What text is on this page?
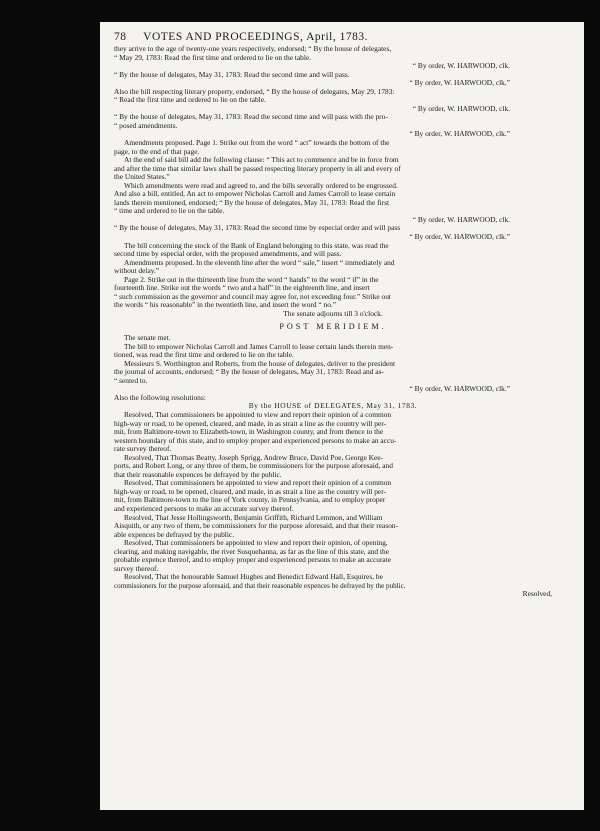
78 VOTES AND PROCEEDINGS, April, 1783.
they arrive to the age of twenty-one years respectively, endorsed; “ By the house of delegates,
“ May 29, 1783: Read the first time and ordered to lie on the table.
“ By order, W. HARWOOD, clk.
“ By the house of delegates, May 31, 1783: Read the second time and will pass.
“ By order, W. HARWOOD, clk.”
Also the bill respecting literary property, endorsed, “ By the house of delegates, May 29, 1783:
“ Read the first time and ordered to lie on the table.
“ By order, W. HARWOOD, clk.
“ By the house of delegates, May 31, 1783: Read the second time and will pass with the pro-
“ posed amendments.
“ By order, W. HARWOOD, clk.”
Amendments proposed. Page 1. Strike out from the word “ act” towards the bottom of the
page, to the end of that page.
At the end of said bill add the following clause: “ This act to commence and be in force from
and after the time that similar laws shall be passed respecting literary property in all and every of
the United States.”
Which amendments were read and agreed to, and the bills severally ordered to be engrossed.
And also a bill, entitled, An act to empower Nicholas Carroll and James Carroll to lease certain
lands therein mentioned, endorsed; “ By the house of delegates, May 31, 1783: Read the first
“ time and ordered to lie on the table.
“ By order, W. HARWOOD, clk.
“ By the house of delegates, May 31, 1783: Read the second time by especial order and will pass
“ By order, W. HARWOOD, clk.”
The bill concerning the stock of the Bank of England belonging to this state, was read the
second time by especial order, with the proposed amendments, and will pass.
Amendments proposed. In the eleventh line after the word “ sale,” insert “ immediately and
without delay.”
Page 2. Strike out in the thirteenth line from the word “ hands” to the word “ if” in the
fourteenth line. Strike out the words “ two and a half” in the eighteenth line, and insert
“ such commission as the governor and council may agree for, not exceeding four.” Strike out
the words “ his reasonable” in the twentieth line, and insert the word “ no.”
The senate adjourns till 3 o'clock.
POST MERIDIEM.
The senate met.
The bill to empower Nicholas Carroll and James Carroll to lease certain lands therein men-
tioned, was read the first time and ordered to lie on the table.
Messieurs S. Worthington and Roberts, from the house of delegates, deliver to the president
the journal of accounts, endorsed; “ By the house of delegates, May 31, 1783: Read and as-
“ sented to.
“ By order, W. HARWOOD, clk.”
Also the following resolutions:
By the HOUSE of DELEGATES, May 31, 1783.
Resolved, That commissioners be appointed to view and report their opinion of a common
high-way or road, to be opened, cleared, and made, in as strait a line as the country will per-
mit, from Baltimore-town to Elizabeth-town, in Washington county, and from thence to the
western boundary of this state, and to employ proper and experienced persons to make an accu-
rate survey thereof.
Resolved, That Thomas Beatty, Joseph Sprigg, Andrew Bruce, David Poe, George Kee-
ports, and Robert Long, or any three of them, be commissioners for the purpose aforesaid, and
that their reasonable expences be defrayed by the public.
Resolved, That commissioners be appointed to view and report their opinion of a common
high-way or road, to be opened, cleared, and made, in as strait a line as the country will per-
mit, from Baltimore-town to the line of York county, in Pennsylvania, and to employ proper
and experienced persons to make an accurate survey thereof.
Resolved, That Jesse Hollingsworth, Benjamin Griffith, Richard Lemmon, and William
Aisquith, or any two of them, be commissioners for the purpose aforesaid, and that their reason-
able expences be defrayed by the public.
Resolved, That commissioners be appointed to view and report their opinion, of opening,
clearing, and making navigable, the river Susquehanna, as far as the line of this state, and the
probable expence thereof, and to employ proper and experienced persons to make an accurate
survey thereof.
Resolved, That the honourable Samuel Hughes and Benedict Edward Hall, Esquires, be
commissioners for the purpose aforesaid, and that their reasonable expences be defrayed by the public.
Resolved,
